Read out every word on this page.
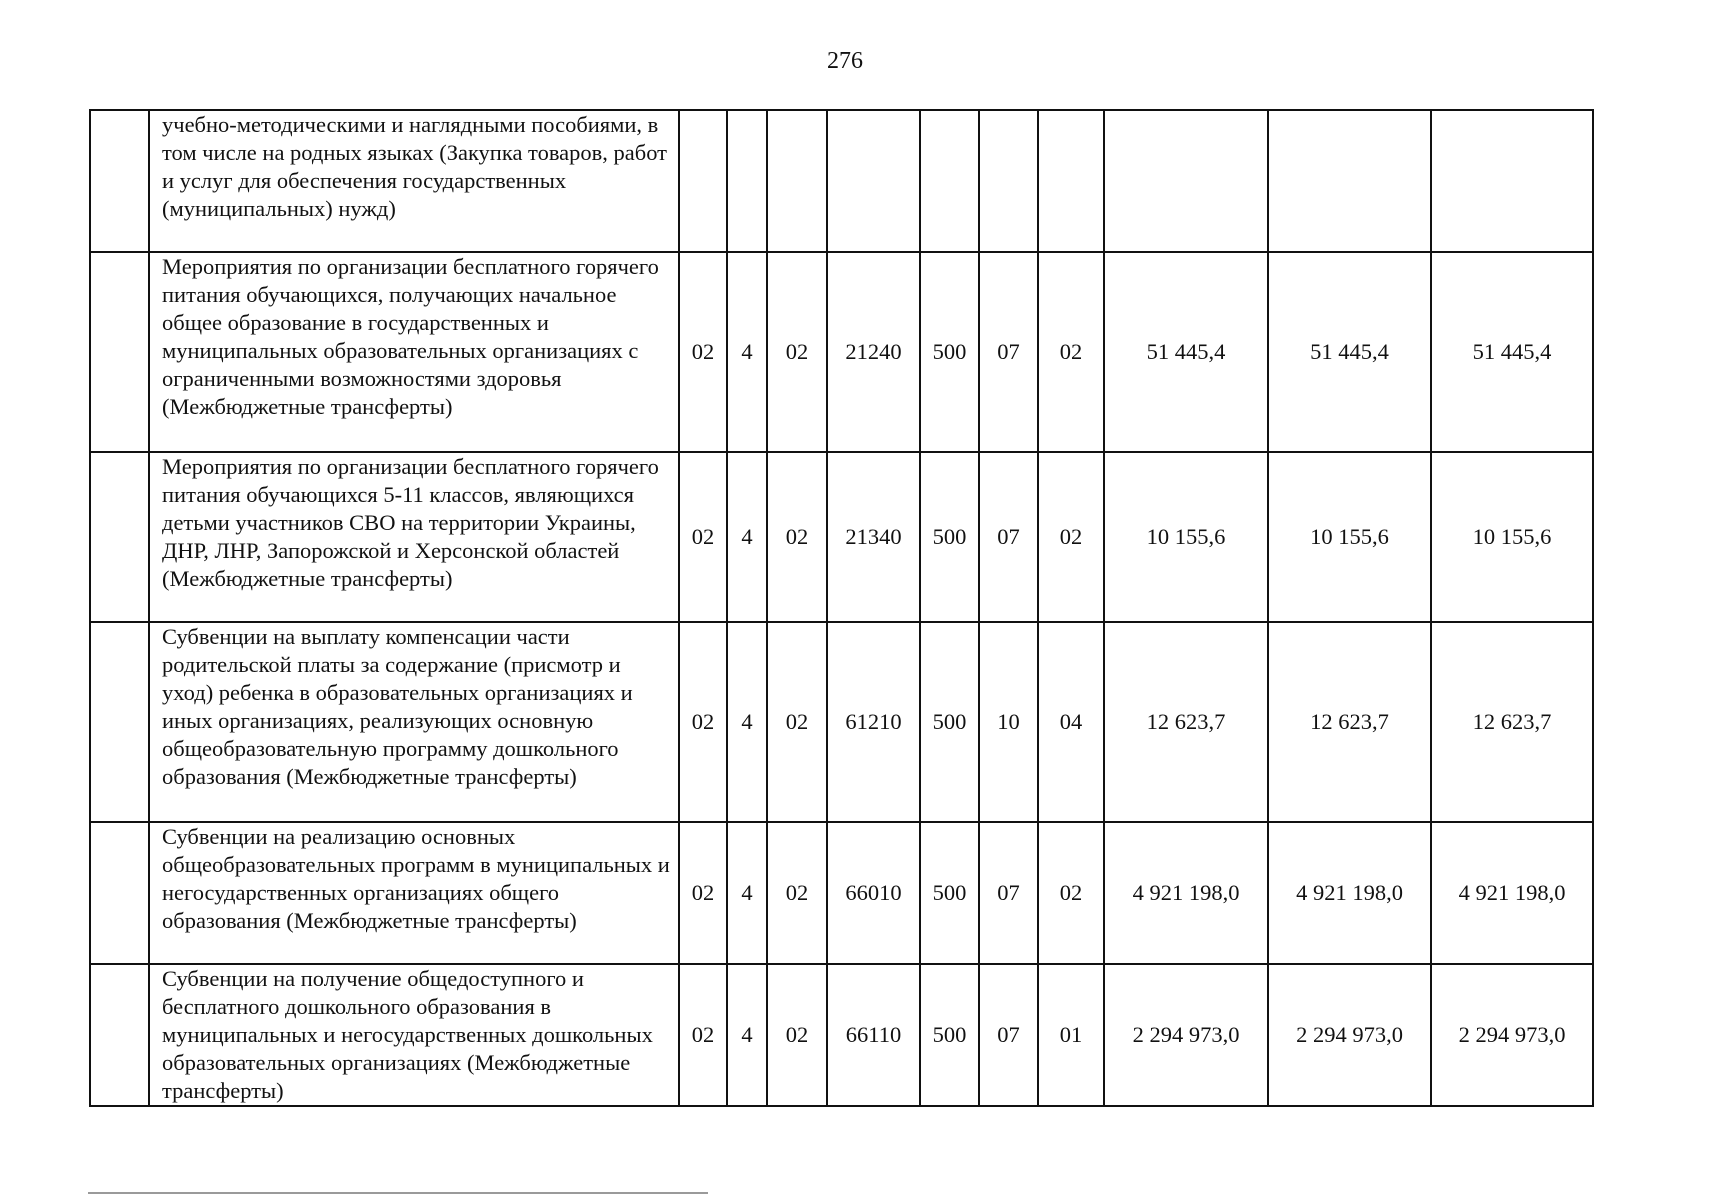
276
	учебно-методическими и наглядными пособиями, в том числе на родных языках (Закупка товаров, работ и услуг для обеспечения государственных (муниципальных) нужд)										
	Мероприятия по организации бесплатного горячего питания обучающихся, получающих начальное общее образование в государственных и муниципальных образовательных организациях с ограниченными возможностями здоровья (Межбюджетные трансферты)	02	4	02	21240	500	07	02	51 445,4	51 445,4	51 445,4
	Мероприятия по организации бесплатного горячего питания обучающихся 5-11 классов, являющихся детьми участников СВО на территории Украины, ДНР, ЛНР, Запорожской и Херсонской областей (Межбюджетные трансферты)	02	4	02	21340	500	07	02	10 155,6	10 155,6	10 155,6
	Субвенции на выплату компенсации части родительской платы за содержание (присмотр и уход) ребенка в образовательных организациях и иных организациях, реализующих основную общеобразовательную программу дошкольного образования (Межбюджетные трансферты)	02	4	02	61210	500	10	04	12 623,7	12 623,7	12 623,7
	Субвенции на реализацию основных общеобразовательных программ в муниципальных и негосударственных организациях общего образования (Межбюджетные трансферты)	02	4	02	66010	500	07	02	4 921 198,0	4 921 198,0	4 921 198,0
	Субвенции на получение общедоступного и бесплатного дошкольного образования в муниципальных и негосударственных дошкольных образовательных организациях (Межбюджетные трансферты)	02	4	02	66110	500	07	01	2 294 973,0	2 294 973,0	2 294 973,0
